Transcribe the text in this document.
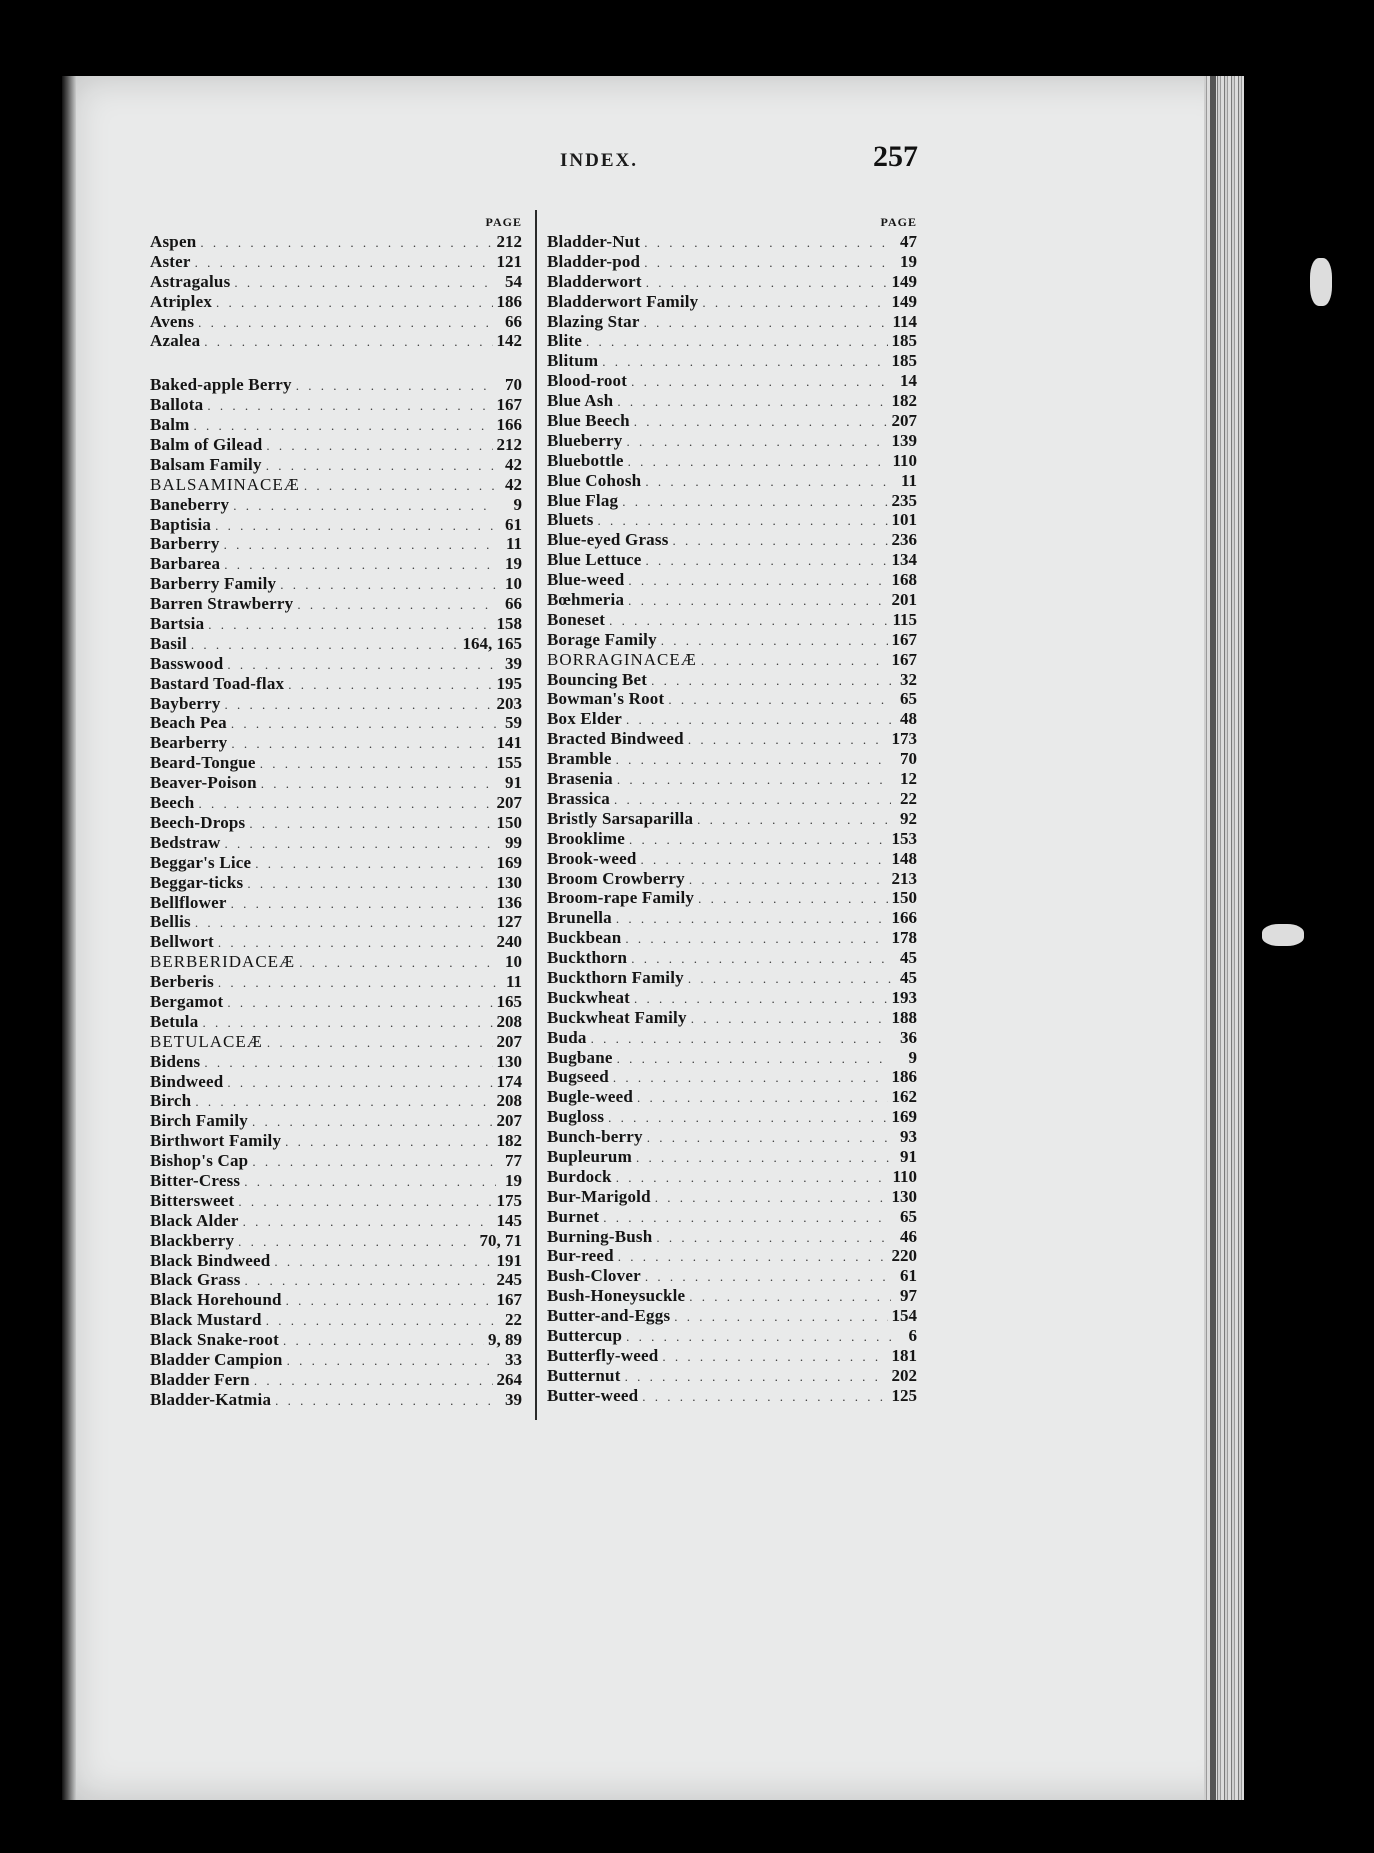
INDEX.	257
PAGE
Aspen . . .	212
Aster . . .	121
Astragalus . . .	54
Atriplex . . .	186
Avens . . .	66
Azalea . . .	142
Baked-apple Berry . . .	70
Ballota . . .	167
Balm . . .	166
Balm of Gilead . . .	212
Balsam Family . . .	42
BALSAMINACEÆ . . .	42
Baneberry . . .	9
Baptisia . . .	61
Barberry . . .	11
Barbarea . . .	19
Barberry Family . . .	10
Barren Strawberry . . .	66
Bartsia . . .	158
Basil . . .	164, 165
Basswood . . .	39
Bastard Toad-flax . . .	195
Bayberry . . .	203
Beach Pea . . .	59
Bearberry . . .	141
Beard-Tongue . . .	155
Beaver-Poison . . .	91
Beech . . .	207
Beech-Drops . . .	150
Bedstraw . . .	99
Beggar's Lice . . .	169
Beggar-ticks . . .	130
Bellflower . . .	136
Bellis . . .	127
Bellwort . . .	240
BERBERIDACEÆ . . .	10
Berberis . . .	11
Bergamot . . .	165
Betula . . .	208
BETULACEÆ . . .	207
Bidens . . .	130
Bindweed . . .	174
Birch . . .	208
Birch Family . . .	207
Birthwort Family . . .	182
Bishop's Cap . . .	77
Bitter-Cress . . .	19
Bittersweet . . .	175
Black Alder . . .	145
Blackberry . . .	70, 71
Black Bindweed . . .	191
Black Grass . . .	245
Black Horehound . . .	167
Black Mustard . . .	22
Black Snake-root . . .	9, 89
Bladder Campion . . .	33
Bladder Fern . . .	264
Bladder-Katmia . . .	39
PAGE
Bladder-Nut . . .	47
Bladder-pod . . .	19
Bladderwort . . .	149
Bladderwort Family . . .	149
Blazing Star . . .	114
Blite . . .	185
Blitum . . .	185
Blood-root . . .	14
Blue Ash . . .	182
Blue Beech . . .	207
Blueberry . . .	139
Bluebottle . . .	110
Blue Cohosh . . .	11
Blue Flag . . .	235
Bluets . . .	101
Blue-eyed Grass . . .	236
Blue Lettuce . . .	134
Blue-weed . . .	168
Bœhmeria . . .	201
Boneset . . .	115
Borage Family . . .	167
BORRAGINACEÆ . . .	167
Bouncing Bet . . .	32
Bowman's Root . . .	65
Box Elder . . .	48
Bracted Bindweed . . .	173
Bramble . . .	70
Brasenia . . .	12
Brassica . . .	22
Bristly Sarsaparilla . . .	92
Brooklime . . .	153
Brook-weed . . .	148
Broom Crowberry . . .	213
Broom-rape Family . . .	150
Brunella . . .	166
Buckbean . . .	178
Buckthorn . . .	45
Buckthorn Family . . .	45
Buckwheat . . .	193
Buckwheat Family . . .	188
Buda . . .	36
Bugbane . . .	9
Bugseed . . .	186
Bugle-weed . . .	162
Bugloss . . .	169
Bunch-berry . . .	93
Bupleurum . . .	91
Burdock . . .	110
Bur-Marigold . . .	130
Burnet . . .	65
Burning-Bush . . .	46
Bur-reed . . .	220
Bush-Clover . . .	61
Bush-Honeysuckle . . .	97
Butter-and-Eggs . . .	154
Buttercup . . .	6
Butterfly-weed . . .	181
Butternut . . .	202
Butter-weed . . .	125
